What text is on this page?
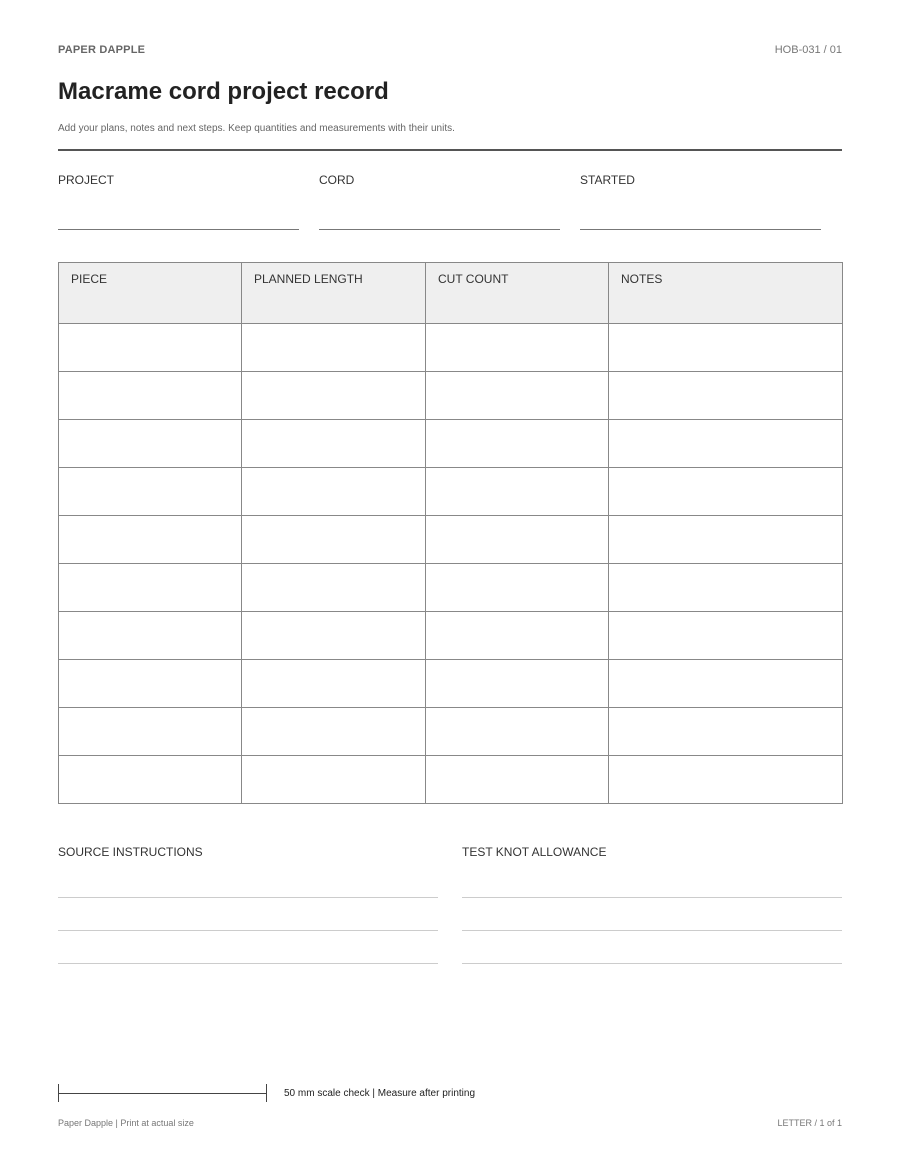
PAPER DAPPLE	HOB-031 / 01
Macrame cord project record
Add your plans, notes and next steps. Keep quantities and measurements with their units.
PROJECT	CORD	STARTED
PIECE	PLANNED LENGTH	CUT COUNT	NOTES

SOURCE INSTRUCTIONS	TEST KNOT ALLOWANCE
50 mm scale check | Measure after printing
Paper Dapple | Print at actual size	LETTER / 1 of 1
